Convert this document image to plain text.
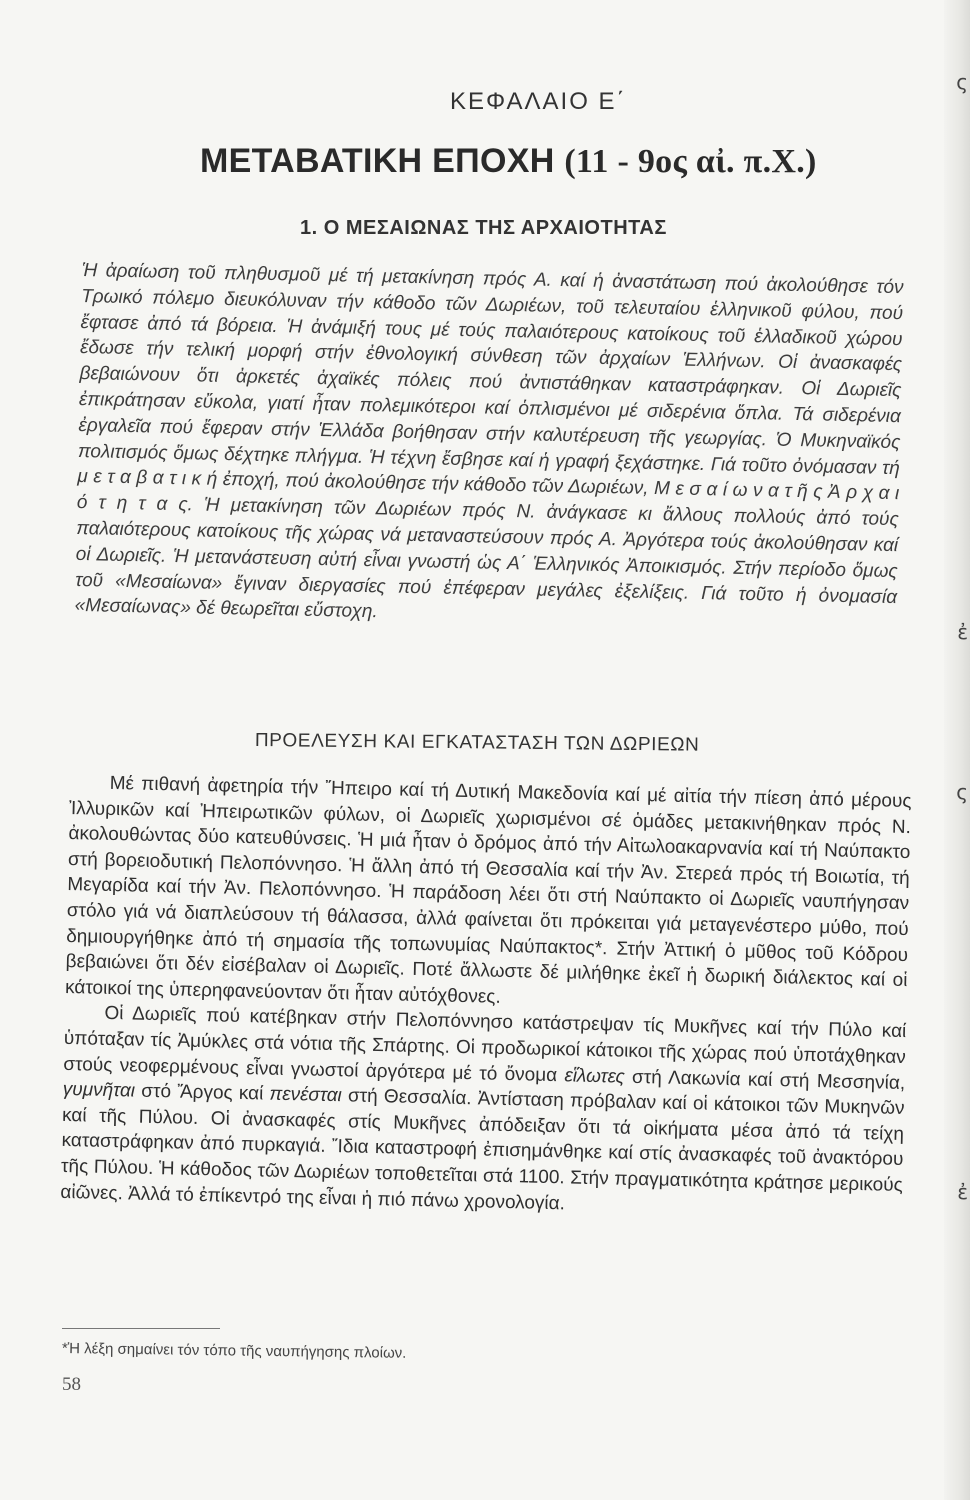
ς
ἐ
ς
ἐ
ΚΕΦΑΛΑΙΟ Ε΄
ΜΕΤΑΒΑΤΙΚΗ ΕΠΟΧΗ (11 - 9ος αἰ. π.Χ.)
1. Ο ΜΕΣΑΙΩΝΑΣ ΤΗΣ ΑΡΧΑΙΟΤΗΤΑΣ

Ἡ ἀραίωση τοῦ πληθυσμοῦ μέ τή μετακίνηση πρός Α. καί ἡ ἀναστάτωση πού ἀκολούθησε τόν Τρωικό πόλεμο διευκόλυναν τήν κάθοδο τῶν Δωριέων, τοῦ τελευταίου ἑλληνικοῦ φύλου, πού ἔφτασε ἀπό τά βόρεια. Ἡ ἀνάμιξή τους μέ τούς παλαιότερους κατοίκους τοῦ ἑλλαδικοῦ χώρου ἔδωσε τήν τελική μορφή στήν ἐθνολογική σύνθεση τῶν ἀρχαίων Ἑλλήνων. Οἱ ἀνασκαφές βεβαιώνουν ὅτι ἀρκετές ἀχαϊκές πόλεις πού ἀντιστάθηκαν καταστράφηκαν. Οἱ Δωριεῖς ἐπικράτησαν εὔκολα, γιατί ἦταν πολεμικότεροι καί ὁπλισμένοι μέ σιδερένια ὅπλα. Τά σιδερένια ἐργαλεῖα πού ἔφεραν στήν Ἑλλάδα βοήθησαν στήν καλυτέρευση τῆς γεωργίας. Ὁ Μυκηναϊκός πολιτισμός ὅμως δέχτηκε πλήγμα. Ἡ τέχνη ἔσβησε καί ἡ γραφή ξεχάστηκε. Γιά τοῦτο ὀνόμασαν τή μ ε τ α β α τ ι κ ή ἐποχή, πού ἀκολούθησε τήν κάθοδο τῶν Δωριέων, Μ ε σ α ί ω ν α τ ῆ ς Ἀ ρ χ α ι ό τ η τ α ς. Ἡ μετακίνηση τῶν Δωριέων πρός Ν. ἀνάγκασε κι ἄλλους πολλούς ἀπό τούς παλαιότερους κατοίκους τῆς χώρας νά μεταναστεύσουν πρός Α. Ἀργότερα τούς ἀκολούθησαν καί οἱ Δωριεῖς. Ἡ μετανάστευση αὐτή εἶναι γνωστή ὡς Α΄ Ἑλληνικός Ἀποικισμός. Στήν περίοδο ὅμως τοῦ «Μεσαίωνα» ἔγιναν διεργασίες πού ἐπέφεραν μεγάλες ἐξελίξεις. Γιά τοῦτο ἡ ὀνομασία «Μεσαίωνας» δέ θεωρεῖται εὔστοχη.

ΠΡΟΕΛΕΥΣΗ ΚΑΙ ΕΓΚΑΤΑΣΤΑΣΗ ΤΩΝ ΔΩΡΙΕΩΝ

Μέ πιθανή ἀφετηρία τήν Ἤπειρο καί τή Δυτική Μακεδονία καί μέ αἰτία τήν πίεση ἀπό μέρους Ἰλλυρικῶν καί Ἠπειρωτικῶν φύλων, οἱ Δωριεῖς χωρισμένοι σέ ὁμάδες μετακινήθηκαν πρός Ν. ἀκολουθώντας δύο κατευθύνσεις. Ἡ μιά ἦταν ὁ δρόμος ἀπό τήν Αἰτωλοακαρνανία καί τή Ναύπακτο στή βορειοδυτική Πελοπόννησο. Ἡ ἄλλη ἀπό τή Θεσσαλία καί τήν Ἀν. Στερεά πρός τή Βοιωτία, τή Μεγαρίδα καί τήν Ἀν. Πελοπόννησο. Ἡ παράδοση λέει ὅτι στή Ναύπακτο οἱ Δωριεῖς ναυπήγησαν στόλο γιά νά διαπλεύσουν τή θάλασσα, ἀλλά φαίνεται ὅτι πρόκειται γιά μεταγενέστερο μύθο, πού δημιουργήθηκε ἀπό τή σημασία τῆς τοπωνυμίας Ναύπακτος*. Στήν Ἀττική ὁ μῦθος τοῦ Κόδρου βεβαιώνει ὅτι δέν εἰσέβαλαν οἱ Δωριεῖς. Ποτέ ἄλλωστε δέ μιλήθηκε ἐκεῖ ἡ δωρική διάλεκτος καί οἱ κάτοικοί της ὑπερηφανεύονταν ὅτι ἦταν αὐτόχθονες.

Οἱ Δωριεῖς πού κατέβηκαν στήν Πελοπόννησο κατάστρεψαν τίς Μυκῆνες καί τήν Πύλο καί ὑπόταξαν τίς Ἀμύκλες στά νότια τῆς Σπάρτης. Οἱ προδωρικοί κάτοικοι τῆς χώρας πού ὑποτάχθηκαν στούς νεοφερμένους εἶναι γνωστοί ἀργότερα μέ τό ὄνομα εἵλωτες στή Λακωνία καί στή Μεσσηνία, γυμνῆται στό Ἄργος καί πενέσται στή Θεσσαλία. Ἀντίσταση πρόβαλαν καί οἱ κάτοικοι τῶν Μυκηνῶν καί τῆς Πύλου. Οἱ ἀνασκαφές στίς Μυκῆνες ἀπόδειξαν ὅτι τά οἰκήματα μέσα ἀπό τά τείχη καταστράφηκαν ἀπό πυρκαγιά. Ἴδια καταστροφή ἐπισημάνθηκε καί στίς ἀνασκαφές τοῦ ἀνακτόρου τῆς Πύλου. Ἡ κάθοδος τῶν Δωριέων τοποθετεῖται στά 1100. Στήν πραγματικότητα κράτησε μερικούς αἰῶνες. Ἀλλά τό ἐπίκεντρό της εἶναι ἡ πιό πάνω χρονολογία.

*Ἡ λέξη σημαίνει τόν τόπο τῆς ναυπήγησης πλοίων.
58
